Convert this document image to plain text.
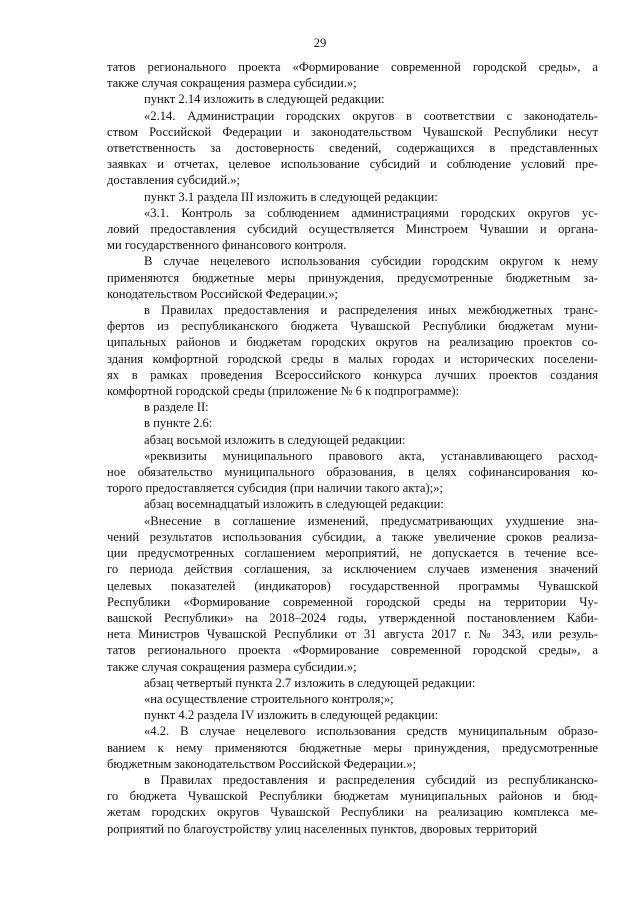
29
татов регионального проекта «Формирование современной городской среды», а
также случая сокращения размера субсидии.»;
пункт 2.14 изложить в следующей редакции:
«2.14. Администрации городских округов в соответствии с законодатель-
ством Российской Федерации и законодательством Чувашской Республики несут
ответственность за достоверность сведений, содержащихся в представленных
заявках и отчетах, целевое использование субсидий и соблюдение условий пре-
доставления субсидий.»;
пункт 3.1 раздела III изложить в следующей редакции:
«3.1. Контроль за соблюдением администрациями городских округов ус-
ловий предоставления субсидий осуществляется Минстроем Чувашии и органа-
ми государственного финансового контроля.
В случае нецелевого использования субсидии городским округом к нему
применяются бюджетные меры принуждения, предусмотренные бюджетным за-
конодательством Российской Федерации.»;
в Правилах предоставления и распределения иных межбюджетных транс-
фертов из республиканского бюджета Чувашской Республики бюджетам муни-
ципальных районов и бюджетам городских округов на реализацию проектов со-
здания комфортной городской среды в малых городах и исторических поселени-
ях в рамках проведения Всероссийского конкурса лучших проектов создания
комфортной городской среды (приложение № 6 к подпрограмме):
в разделе II:
в пункте 2.6:
абзац восьмой изложить в следующей редакции:
«реквизиты муниципального правового акта, устанавливающего расход-
ное обязательство муниципального образования, в целях софинансирования ко-
торого предоставляется субсидия (при наличии такого акта);»;
абзац восемнадцатый изложить в следующей редакции:
«Внесение в соглашение изменений, предусматривающих ухудшение зна-
чений результатов использования субсидии, а также увеличение сроков реализа-
ции предусмотренных соглашением мероприятий, не допускается в течение все-
го периода действия соглашения, за исключением случаев изменения значений
целевых показателей (индикаторов) государственной программы Чувашской
Республики «Формирование современной городской среды на территории Чу-
вашской Республики» на 2018–2024 годы, утвержденной постановлением Каби-
нета Министров Чувашской Республики от 31 августа 2017 г. № 343, или резуль-
татов регионального проекта «Формирование современной городской среды», а
также случая сокращения размера субсидии.»;
абзац четвертый пункта 2.7 изложить в следующей редакции:
«на осуществление строительного контроля;»;
пункт 4.2 раздела IV изложить в следующей редакции:
«4.2. В случае нецелевого использования средств муниципальным образо-
ванием к нему применяются бюджетные меры принуждения, предусмотренные
бюджетным законодательством Российской Федерации.»;
в Правилах предоставления и распределения субсидий из республиканско-
го бюджета Чувашской Республики бюджетам муниципальных районов и бюд-
жетам городских округов Чувашской Республики на реализацию комплекса ме-
роприятий по благоустройству улиц населенных пунктов, дворовых территорий
